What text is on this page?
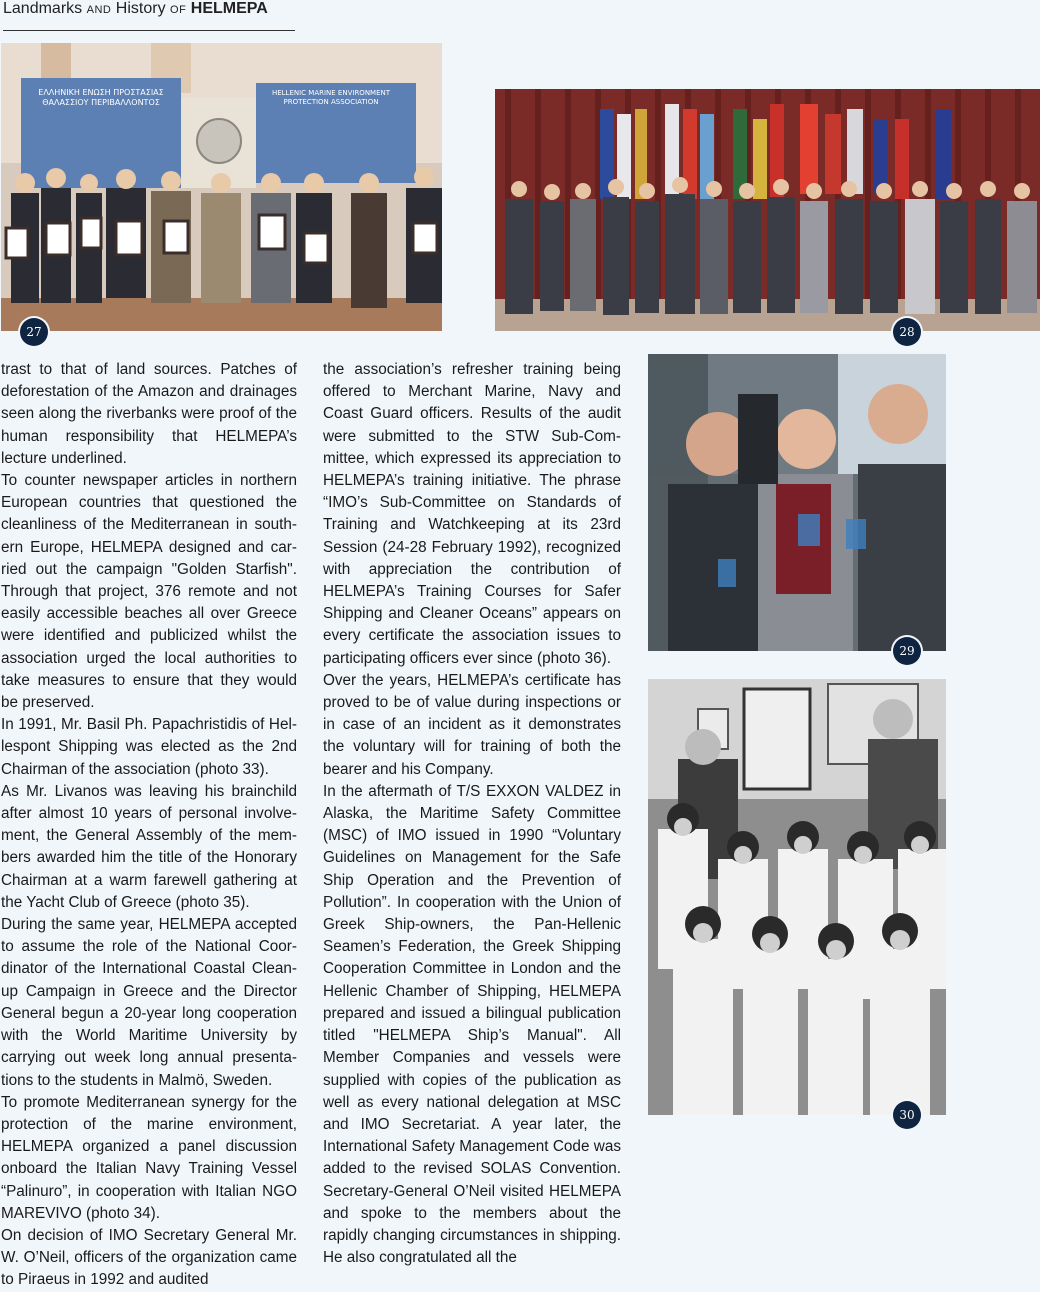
Landmarks AND History OF HELMEPA
ΕΛΛΗΝΙΚΗ ΕΝΩΣΗ ΠΡΟΣΤΑΣΙΑΣ
ΘΑΛΑΣΣΙΟΥ ΠΕΡΙΒΑΛΛΟΝΤΟΣ
HELLENIC MARINE ENVIRONMENT
PROTECTION ASSOCIATION
27	28
29
30

trast to that of land sources. Patches of deforestation of the Amazon and drainages seen along the riverbanks were proof of the human responsibility that HELMEPA’s lecture underlined.

To counter newspaper articles in northern European countries that questioned the cleanliness of the Mediterranean in southern Europe, HELMEPA designed and carried out the campaign "Golden Starfish". Through that project, 376 remote and not easily accessible beaches all over Greece were identified and publicized whilst the association urged the local authorities to take measures to ensure that they would be preserved.

In 1991, Mr. Basil Ph. Papachristidis of Hellespont Shipping was elected as the 2nd Chairman of the association (photo 33).

As Mr. Livanos was leaving his brainchild after almost 10 years of personal involvement, the General Assembly of the members awarded him the title of the Honorary Chairman at a warm farewell gathering at the Yacht Club of Greece (photo 35).

During the same year, HELMEPA accepted to assume the role of the National Coordinator of the International Coastal Clean-up Campaign in Greece and the Director General begun a 20-year long cooperation with the World Maritime University by carrying out week long annual presentations to the students in Malmö, Sweden.

To promote Mediterranean synergy for the protection of the marine environment, HELMEPA organized a panel discussion onboard the Italian Navy Training Vessel “Palinuro”, in cooperation with Italian NGO MAREVIVO (photo 34).

On decision of IMO Secretary General Mr. W. O’Neil, officers of the organization came to Piraeus in 1992 and audited

the association’s refresher training being offered to Merchant Marine, Navy and Coast Guard officers. Results of the audit were submitted to the STW Sub-Committee, which expressed its appreciation to HELMEPA’s training initiative. The phrase “IMO’s Sub-Committee on Standards of Training and Watchkeeping at its 23rd Session (24-28 February 1992), recognized with appreciation the contribution of HELMEPA’s Training Courses for Safer Shipping and Cleaner Oceans” appears on every certificate the association issues to participating officers ever since (photo 36).

Over the years, HELMEPA’s certificate has proved to be of value during inspections or in case of an incident as it demonstrates the voluntary will for training of both the bearer and his Company.

In the aftermath of T/S EXXON VALDEZ in Alaska, the Maritime Safety Committee (MSC) of IMO issued in 1990 “Voluntary Guidelines on Management for the Safe Ship Operation and the Prevention of Pollution”. In cooperation with the Union of Greek Ship-owners, the Pan-Hellenic Seamen’s Federation, the Greek Shipping Cooperation Committee in London and the Hellenic Chamber of Shipping, HELMEPA prepared and issued a bilingual publication titled "HELMEPA Ship’s Manual". All Member Companies and vessels were supplied with copies of the publication as well as every national delegation at MSC and IMO Secretariat. A year later, the International Safety Management Code was added to the revised SOLAS Convention. Secretary-General O’Neil visited HELMEPA and spoke to the members about the rapidly changing circumstances in shipping. He also congratulated all the
